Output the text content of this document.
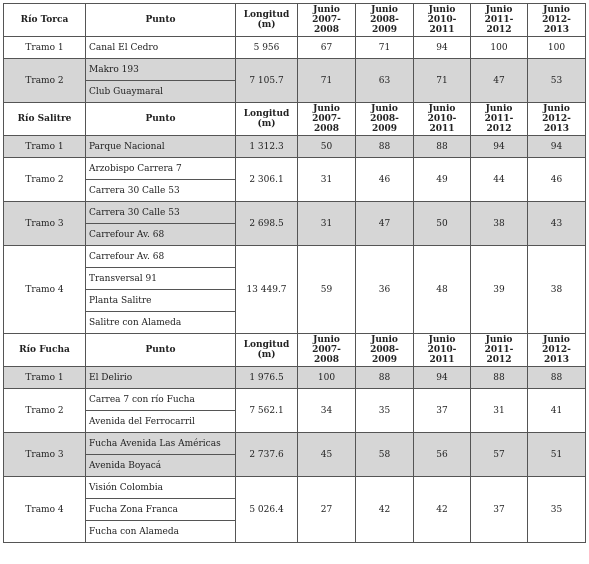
Río Torca	Punto	Longitud (m)	Junio 2007-2008	Junio 2008-2009	Junio 2010-2011	Junio 2011-2012	Junio 2012-2013
Tramo 1	Canal El Cedro	5 956	67	71	94	100	100
Tramo 2	Makro 193	7 105.7	71	63	71	47	53
	Club Guaymaral						
Río Salitre	Punto	Longitud (m)	Junio 2007-2008	Junio 2008-2009	Junio 2010-2011	Junio 2011-2012	Junio 2012-2013
Tramo 1	Parque Nacional	1 312.3	50	88	88	94	94
Tramo 2	Arzobispo Carrera 7	2 306.1	31	46	49	44	46
	Carrera 30 Calle 53						
Tramo 3	Carrera 30 Calle 53	2 698.5	31	47	50	38	43
	Carrefour Av. 68						
Tramo 4	Carrefour Av. 68	13 449.7	59	36	48	39	38
	Transversal 91						
	Planta Salitre						
	Salitre con Alameda						
Río Fucha	Punto	Longitud (m)	Junio 2007-2008	Junio 2008-2009	Junio 2010-2011	Junio 2011-2012	Junio 2012-2013
Tramo 1	El Delirio	1 976.5	100	88	94	88	88
Tramo 2	Carrea 7 con río Fucha	7 562.1	34	35	37	31	41
	Avenida del Ferrocarril						
Tramo 3	Fucha Avenida Las Américas	2 737.6	45	58	56	57	51
	Avenida Boyacá						
Tramo 4	Visión Colombia	5 026.4	27	42	42	37	35
	Fucha Zona Franca						
	Fucha con Alameda						
